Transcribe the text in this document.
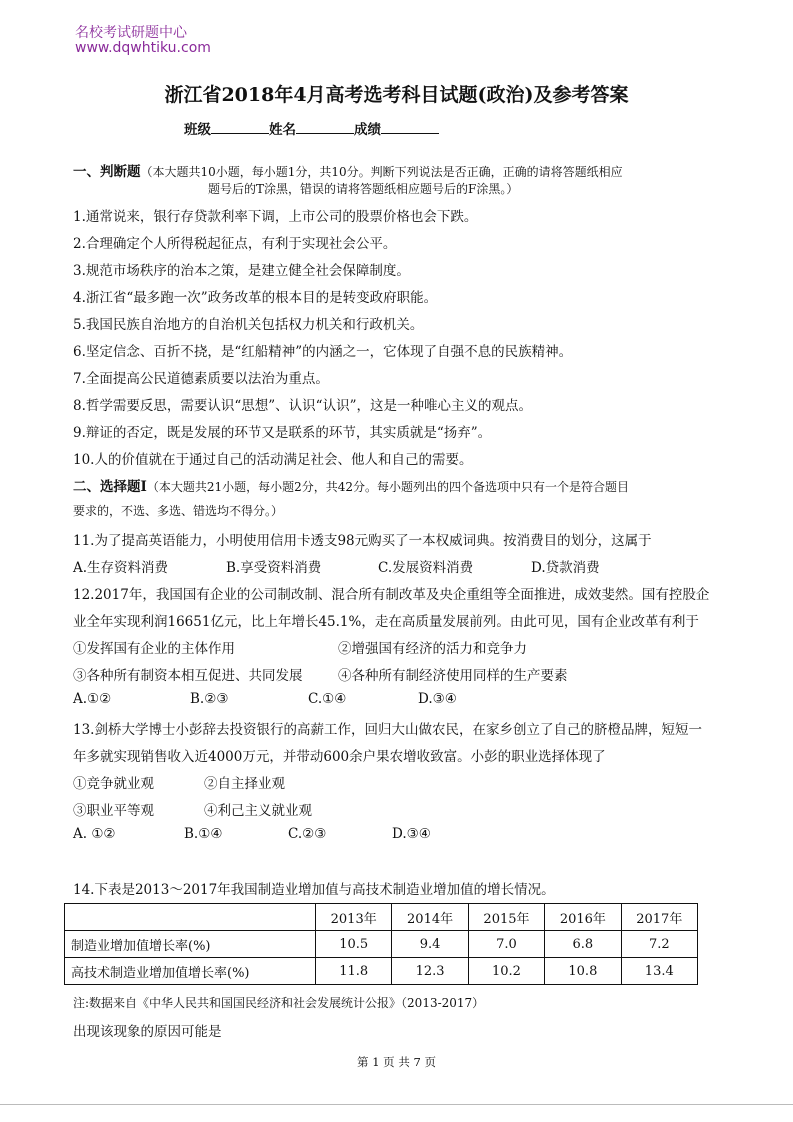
名校考试研题中心
www.dqwhtiku.com
浙江省2018年4月高考选考科目试题(政治)及参考答案
班级	姓名	成绩
一、判断题（本大题共10小题，每小题1分，共10分。判断下列说法是否正确，正确的请将答题纸相应
题号后的T涂黑，错误的请将答题纸相应题号后的F涂黑。）
1.通常说来，银行存贷款利率下调，上市公司的股票价格也会下跌。
2.合理确定个人所得税起征点，有利于实现社会公平。
3.规范市场秩序的治本之策，是建立健全社会保障制度。
4.浙江省“最多跑一次”政务改革的根本目的是转变政府职能。
5.我国民族自治地方的自治机关包括权力机关和行政机关。
6.坚定信念、百折不挠，是“红船精神”的内涵之一，它体现了自强不息的民族精神。
7.全面提高公民道德素质要以法治为重点。
8.哲学需要反思，需要认识“思想”、认识“认识”，这是一种唯心主义的观点。
9.辩证的否定，既是发展的环节又是联系的环节，其实质就是“扬弃”。
10.人的价值就在于通过自己的活动满足社会、他人和自己的需要。
二、选择题Ⅰ（本大题共21小题，每小题2分，共42分。每小题列出的四个备选项中只有一个是符合题目
要求的，不选、多选、错选均不得分。）
11.为了提高英语能力，小明使用信用卡透支98元购买了一本权威词典。按消费目的划分，这属于
A.生存资料消费	B.享受资料消费	C.发展资料消费	D.贷款消费
12.2017年，我国国有企业的公司制改制、混合所有制改革及央企重组等全面推进，成效斐然。国有控股企
业全年实现利润16651亿元，比上年增长45.1%，走在高质量发展前列。由此可见，国有企业改革有利于
①发挥国有企业的主体作用	②增强国有经济的活力和竞争力
③各种所有制资本相互促进、共同发展	④各种所有制经济使用同样的生产要素
A.①②	B.②③	C.①④	D.③④
13.剑桥大学博士小彭辞去投资银行的高薪工作，回归大山做农民，在家乡创立了自己的脐橙品牌，短短一
年多就实现销售收入近4000万元，并带动600余户果农增收致富。小彭的职业选择体现了
①竞争就业观	②自主择业观
③职业平等观	④利己主义就业观
A. ①②	B.①④	C.②③	D.③④
14.下表是2013～2017年我国制造业增加值与高技术制造业增加值的增长情况。
	2013年	2014年	2015年	2016年	2017年
制造业增加值增长率(%)	10.5	9.4	7.0	6.8	7.2
高技术制造业增加值增长率(%)	11.8	12.3	10.2	10.8	13.4
注:数据来自《中华人民共和国国民经济和社会发展统计公报》（2013-2017）
出现该现象的原因可能是
第 1 页 共 7 页
